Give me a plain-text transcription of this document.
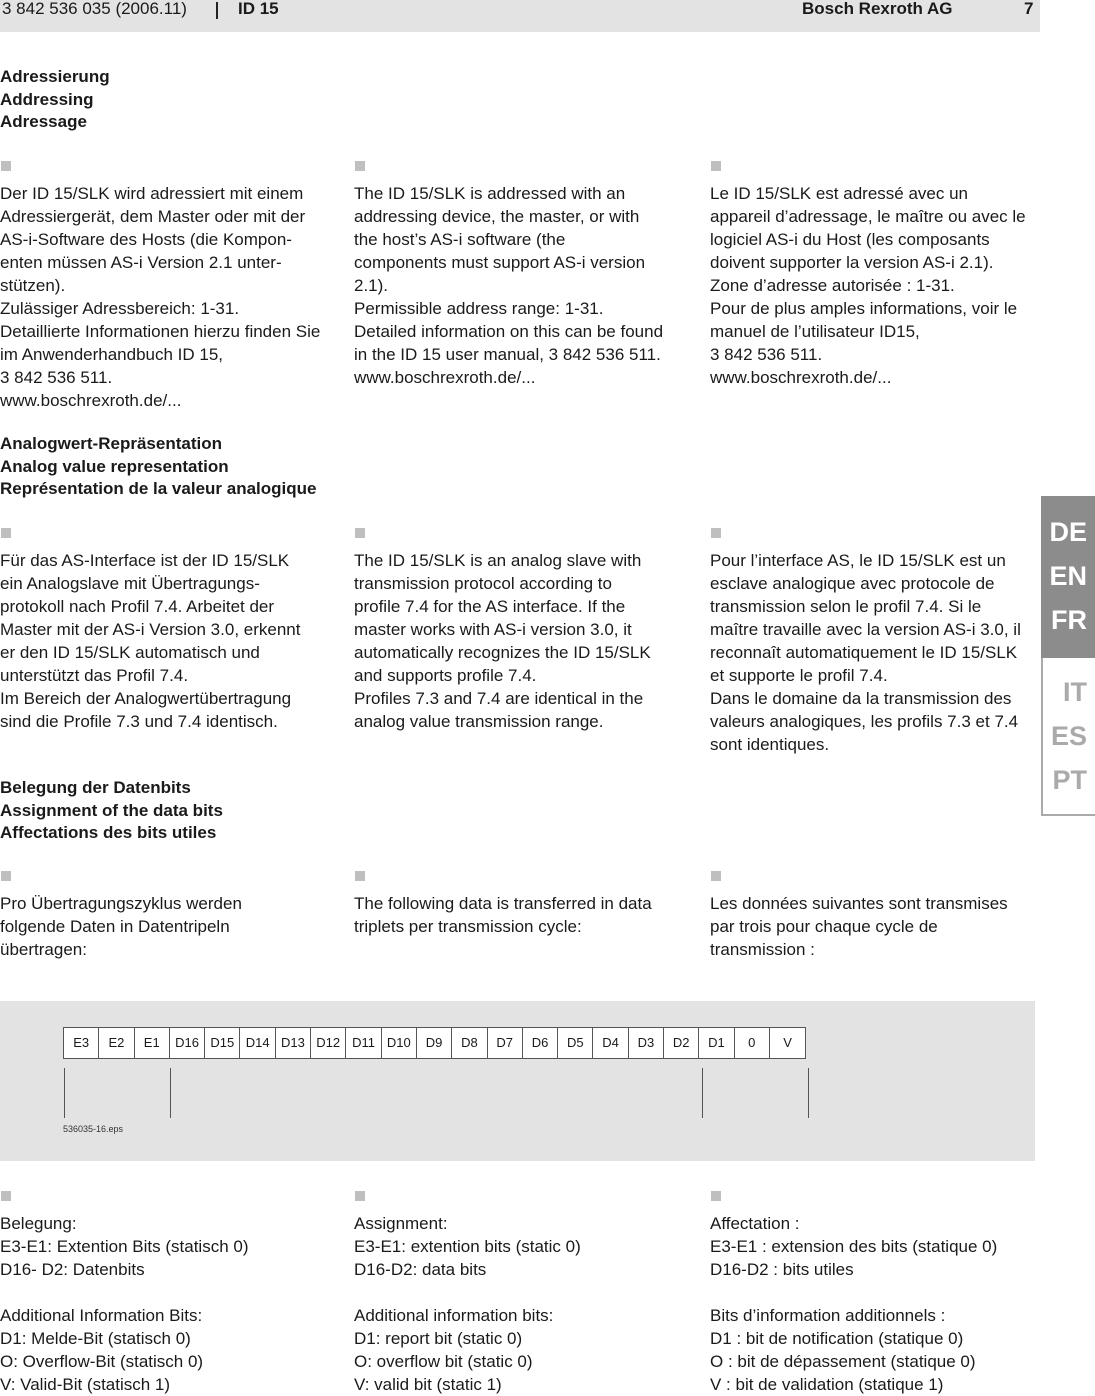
3 842 536 035 (2006.11)	ID 15	Bosch Rexroth AG	7
Adressierung
Addressing
Adressage

Der ID 15/SLK wird adressiert mit einem
Adressiergerät, dem Master oder mit der
AS-i-Software des Hosts (die Kompon-
enten müssen AS-i Version 2.1 unter-
stützen).
Zulässiger Adressbereich: 1-31.
Detaillierte Informationen hierzu finden Sie
im Anwenderhandbuch ID 15,
3 842 536 511.
www.boschrexroth.de/...

The ID 15/SLK is addressed with an
addressing device, the master, or with
the host’s AS-i software (the
components must support AS-i version
2.1).
Permissible address range: 1-31.
Detailed information on this can be found
in the ID 15 user manual, 3 842 536 511.
www.boschrexroth.de/...

Le ID 15/SLK est adressé avec un
appareil d’adressage, le maître ou avec le
logiciel AS-i du Host (les composants
doivent supporter la version AS-i 2.1).
Zone d’adresse autorisée : 1-31.
Pour de plus amples informations, voir le
manuel de l’utilisateur ID15,
3 842 536 511.
www.boschrexroth.de/...

Analogwert-Repräsentation
Analog value representation
Représentation de la valeur analogique

Für das AS-Interface ist der ID 15/SLK
ein Analogslave mit Übertragungs-
protokoll nach Profil 7.4. Arbeitet der
Master mit der AS-i Version 3.0, erkennt
er den ID 15/SLK automatisch und
unterstützt das Profil 7.4.
Im Bereich der Analogwertübertragung
sind die Profile 7.3 und 7.4 identisch.

The ID 15/SLK is an analog slave with
transmission protocol according to
profile 7.4 for the AS interface. If the
master works with AS-i version 3.0, it
automatically recognizes the ID 15/SLK
and supports profile 7.4.
Profiles 7.3 and 7.4 are identical in the
analog value transmission range.

Pour l’interface AS, le ID 15/SLK est un
esclave analogique avec protocole de
transmission selon le profil 7.4. Si le
maître travaille avec la version AS-i 3.0, il
reconnaît automatiquement le ID 15/SLK
et supporte le profil 7.4.
Dans le domaine da la transmission des
valeurs analogiques, les profils 7.3 et 7.4
sont identiques.

DE
EN
FR
IT
ES
PT
Belegung der Datenbits
Assignment of the data bits
Affectations des bits utiles

Pro Übertragungszyklus werden
folgende Daten in Datentripeln
übertragen:

The following data is transferred in data
triplets per transmission cycle:

Les données suivantes sont transmises
par trois pour chaque cycle de
transmission :

E3	E2	E1	D16 D15 D14 D13 D12 D11 D10	D9	D8	D7	D6	D5	D4	D3	D2	D1	0	V
536035-16.eps

Belegung:
E3-E1: Extention Bits (statisch 0)
D16- D2: Datenbits

Additional Information Bits:
D1: Melde-Bit (statisch 0)
O: Overflow-Bit (statisch 0)
V: Valid-Bit (statisch 1)

Assignment:
E3-E1: extention bits (static 0)
D16-D2: data bits

Additional information bits:
D1: report bit (static 0)
O: overflow bit (static 0)
V: valid bit (static 1)

Affectation :
E3-E1 : extension des bits (statique 0)
D16-D2 : bits utiles

Bits d’information additionnels :
D1 : bit de notification (statique 0)
O : bit de dépassement (statique 0)
V : bit de validation (statique 1)
